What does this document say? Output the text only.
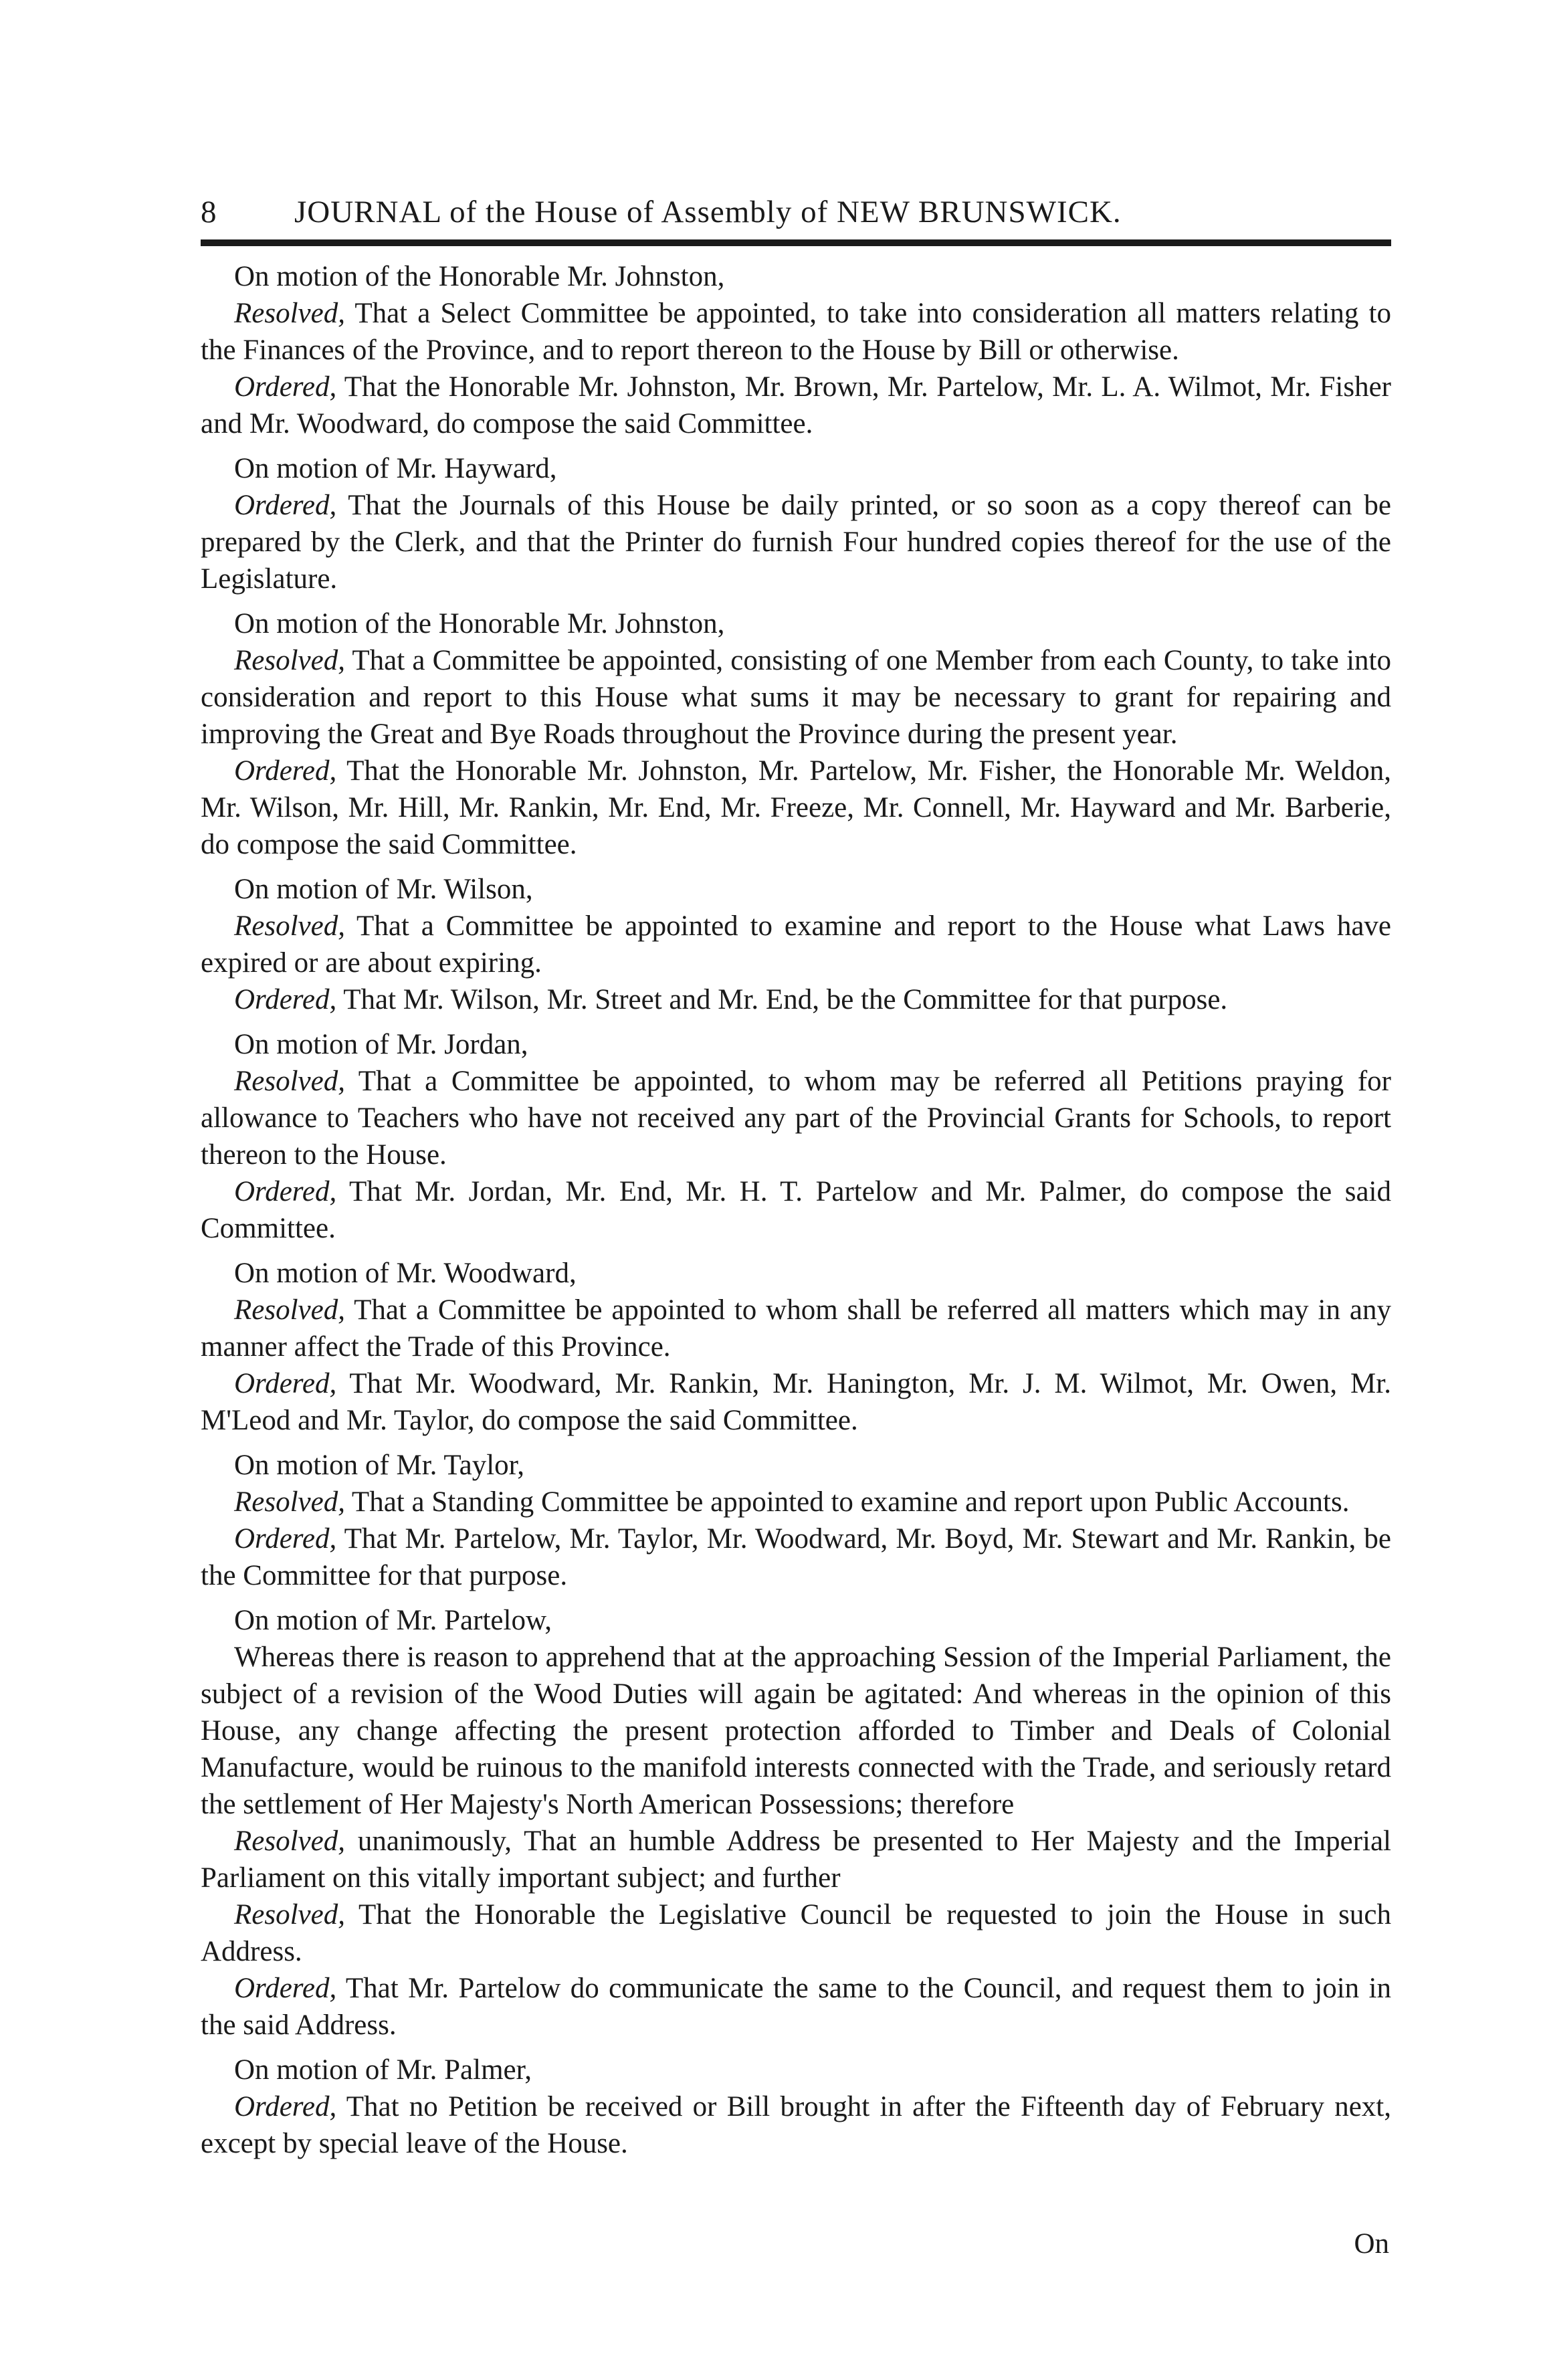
8	JOURNAL of the House of Assembly of NEW BRUNSWICK.

On motion of the Honorable Mr. Johnston,

Resolved, That a Select Committee be appointed, to take into consideration all matters relating to the Finances of the Province, and to report thereon to the House by Bill or otherwise.

Ordered, That the Honorable Mr. Johnston, Mr. Brown, Mr. Partelow, Mr. L. A. Wilmot, Mr. Fisher and Mr. Woodward, do compose the said Committee.

On motion of Mr. Hayward,

Ordered, That the Journals of this House be daily printed, or so soon as a copy thereof can be prepared by the Clerk, and that the Printer do furnish Four hundred copies thereof for the use of the Legislature.

On motion of the Honorable Mr. Johnston,

Resolved, That a Committee be appointed, consisting of one Member from each County, to take into consideration and report to this House what sums it may be necessary to grant for repairing and improving the Great and Bye Roads throughout the Province during the present year.

Ordered, That the Honorable Mr. Johnston, Mr. Partelow, Mr. Fisher, the Honorable Mr. Weldon, Mr. Wilson, Mr. Hill, Mr. Rankin, Mr. End, Mr. Freeze, Mr. Connell, Mr. Hayward and Mr. Barberie, do compose the said Committee.

On motion of Mr. Wilson,

Resolved, That a Committee be appointed to examine and report to the House what Laws have expired or are about expiring.

Ordered, That Mr. Wilson, Mr. Street and Mr. End, be the Committee for that purpose.

On motion of Mr. Jordan,

Resolved, That a Committee be appointed, to whom may be referred all Petitions praying for allowance to Teachers who have not received any part of the Provincial Grants for Schools, to report thereon to the House.

Ordered, That Mr. Jordan, Mr. End, Mr. H. T. Partelow and Mr. Palmer, do compose the said Committee.

On motion of Mr. Woodward,

Resolved, That a Committee be appointed to whom shall be referred all matters which may in any manner affect the Trade of this Province.

Ordered, That Mr. Woodward, Mr. Rankin, Mr. Hanington, Mr. J. M. Wilmot, Mr. Owen, Mr. M'Leod and Mr. Taylor, do compose the said Committee.

On motion of Mr. Taylor,

Resolved, That a Standing Committee be appointed to examine and report upon Public Accounts.

Ordered, That Mr. Partelow, Mr. Taylor, Mr. Woodward, Mr. Boyd, Mr. Stewart and Mr. Rankin, be the Committee for that purpose.

On motion of Mr. Partelow,

Whereas there is reason to apprehend that at the approaching Session of the Imperial Parliament, the subject of a revision of the Wood Duties will again be agitated: And whereas in the opinion of this House, any change affecting the present protection afforded to Timber and Deals of Colonial Manufacture, would be ruinous to the manifold interests connected with the Trade, and seriously retard the settlement of Her Majesty's North American Possessions; therefore

Resolved, unanimously, That an humble Address be presented to Her Majesty and the Imperial Parliament on this vitally important subject; and further

Resolved, That the Honorable the Legislative Council be requested to join the House in such Address.

Ordered, That Mr. Partelow do communicate the same to the Council, and request them to join in the said Address.

On motion of Mr. Palmer,

Ordered, That no Petition be received or Bill brought in after the Fifteenth day of February next, except by special leave of the House.

On
